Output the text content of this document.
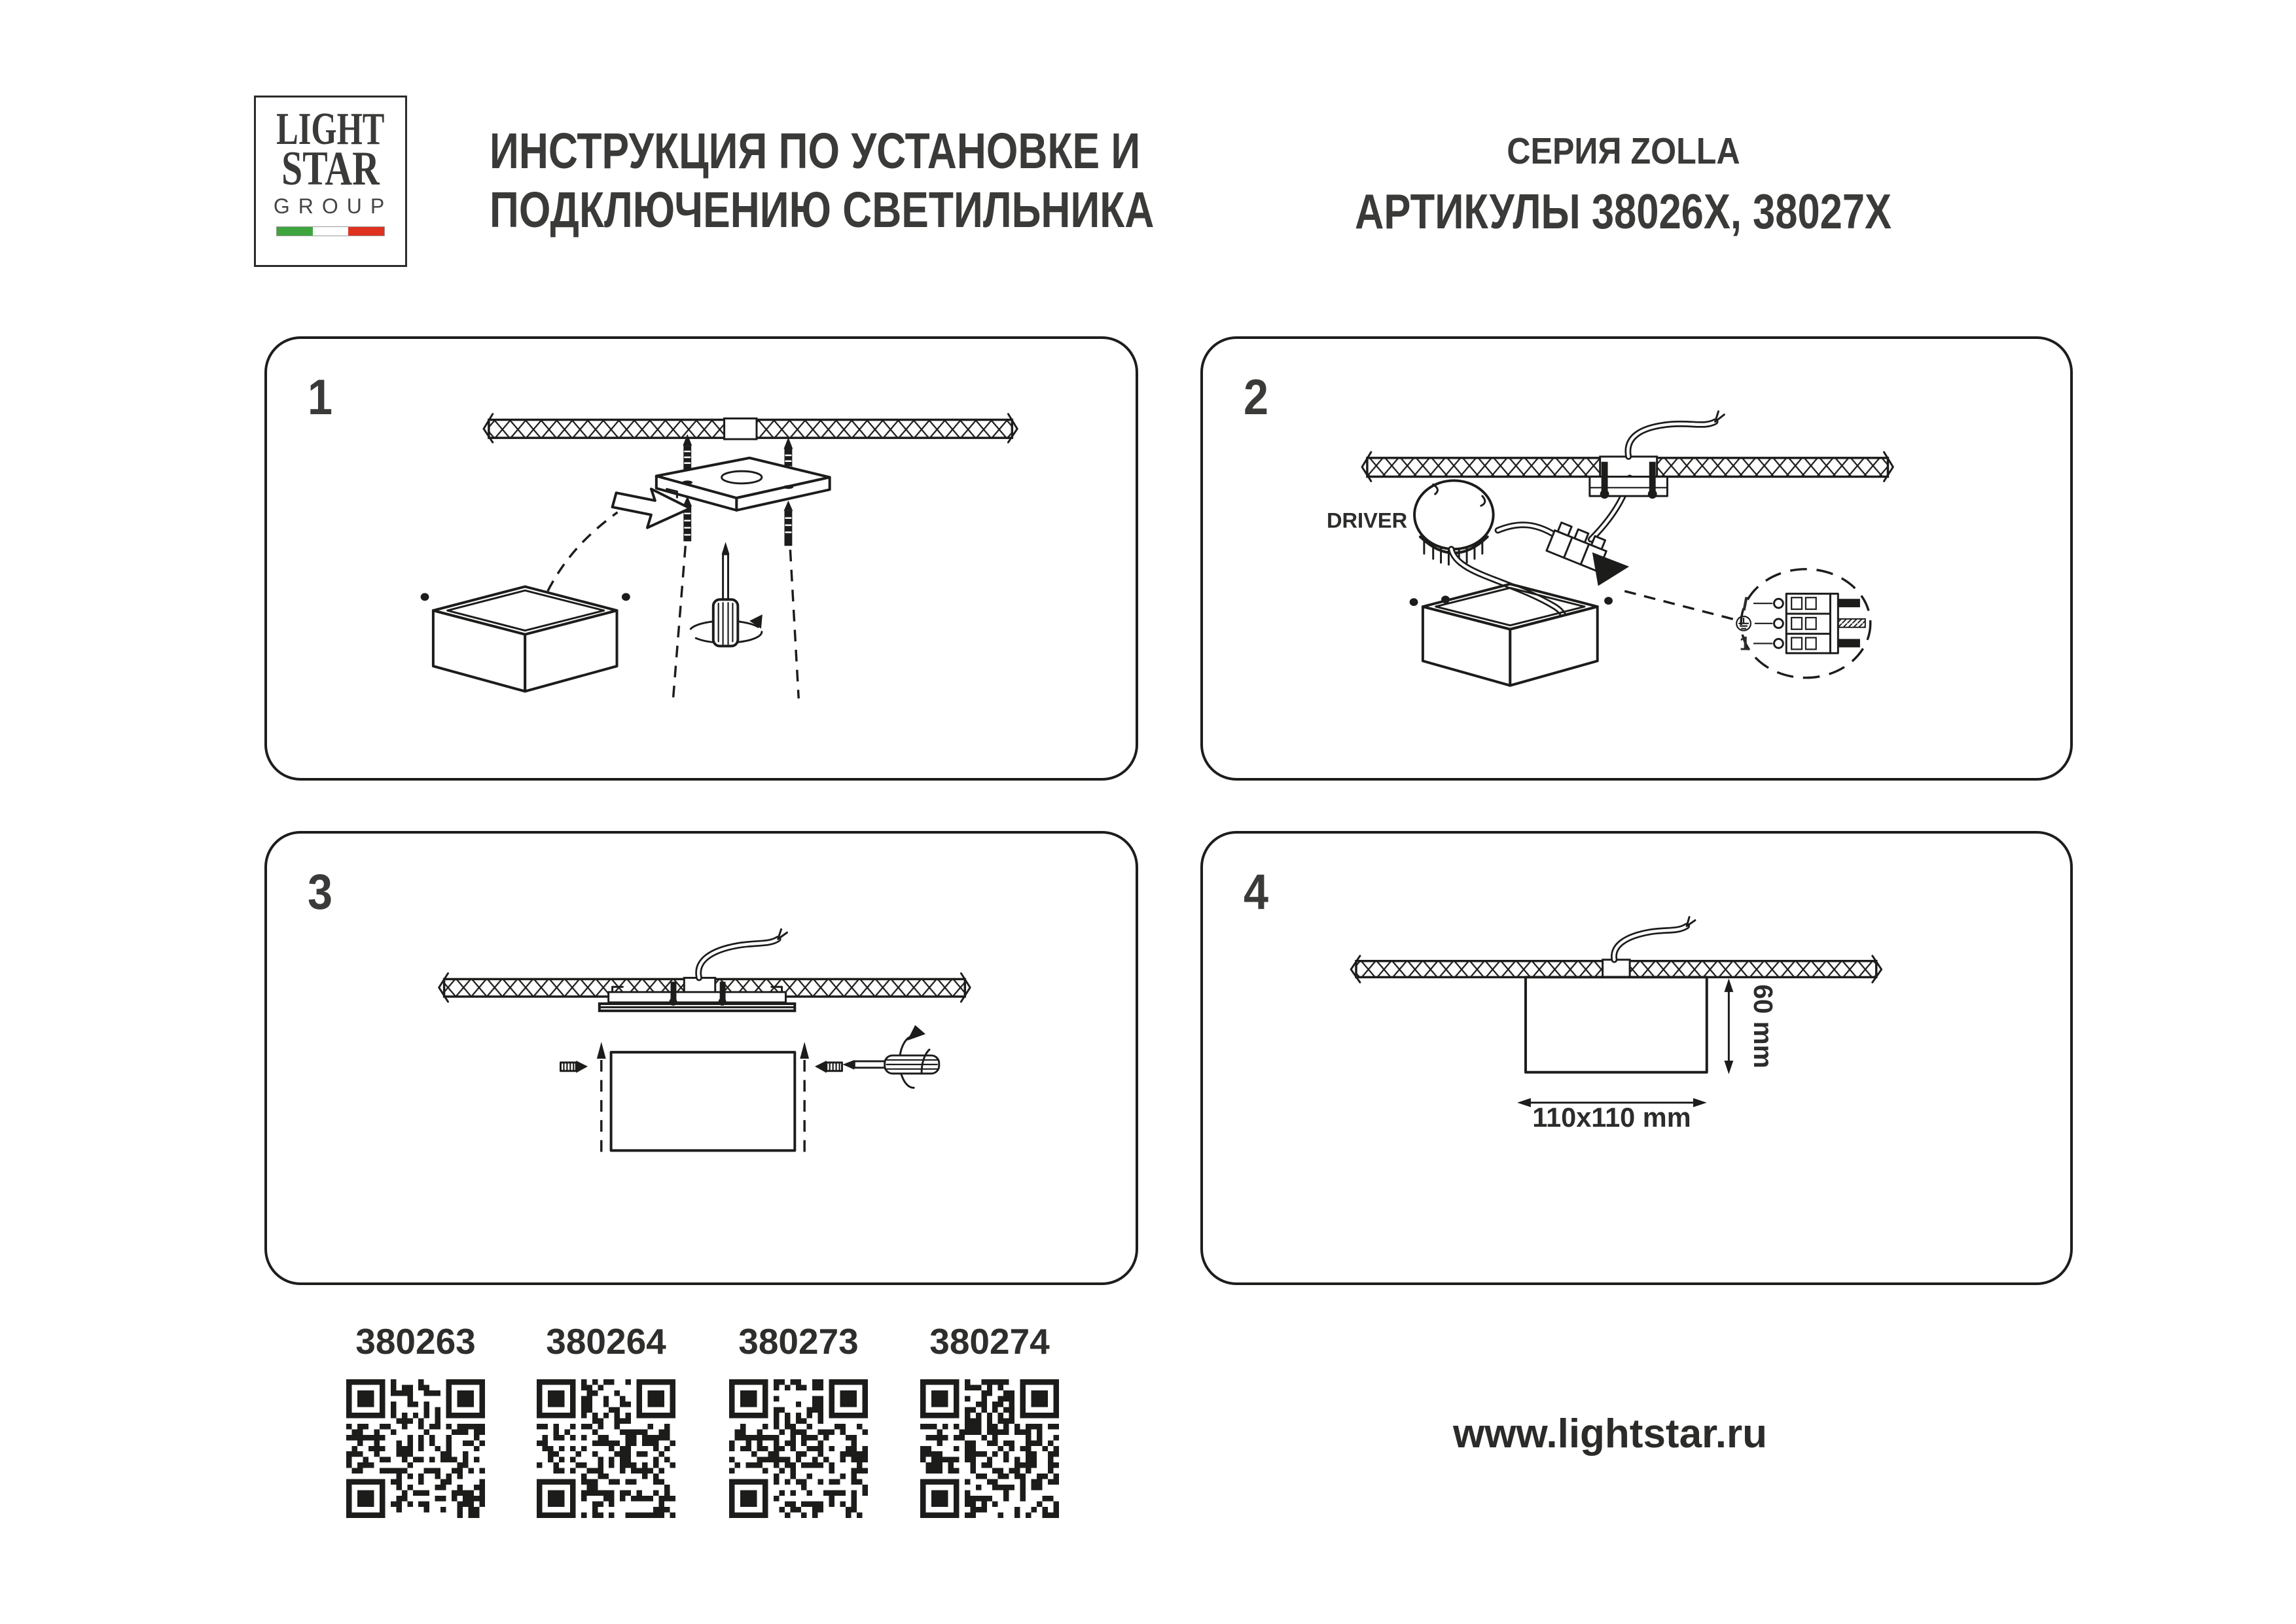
LIGHT
STAR
GROUP
ИНСТРУКЦИЯ ПО УСТАНОВКЕ И
ПОДКЛЮЧЕНИЮ СВЕТИЛЬНИКА
СЕРИЯ ZOLLA
АРТИКУЛЫ 38026X, 38027X
1	2
DRIVER
I
1
3	4
60 mm
110x110 mm
380263 380264 380273 380274
www.lightstar.ru
